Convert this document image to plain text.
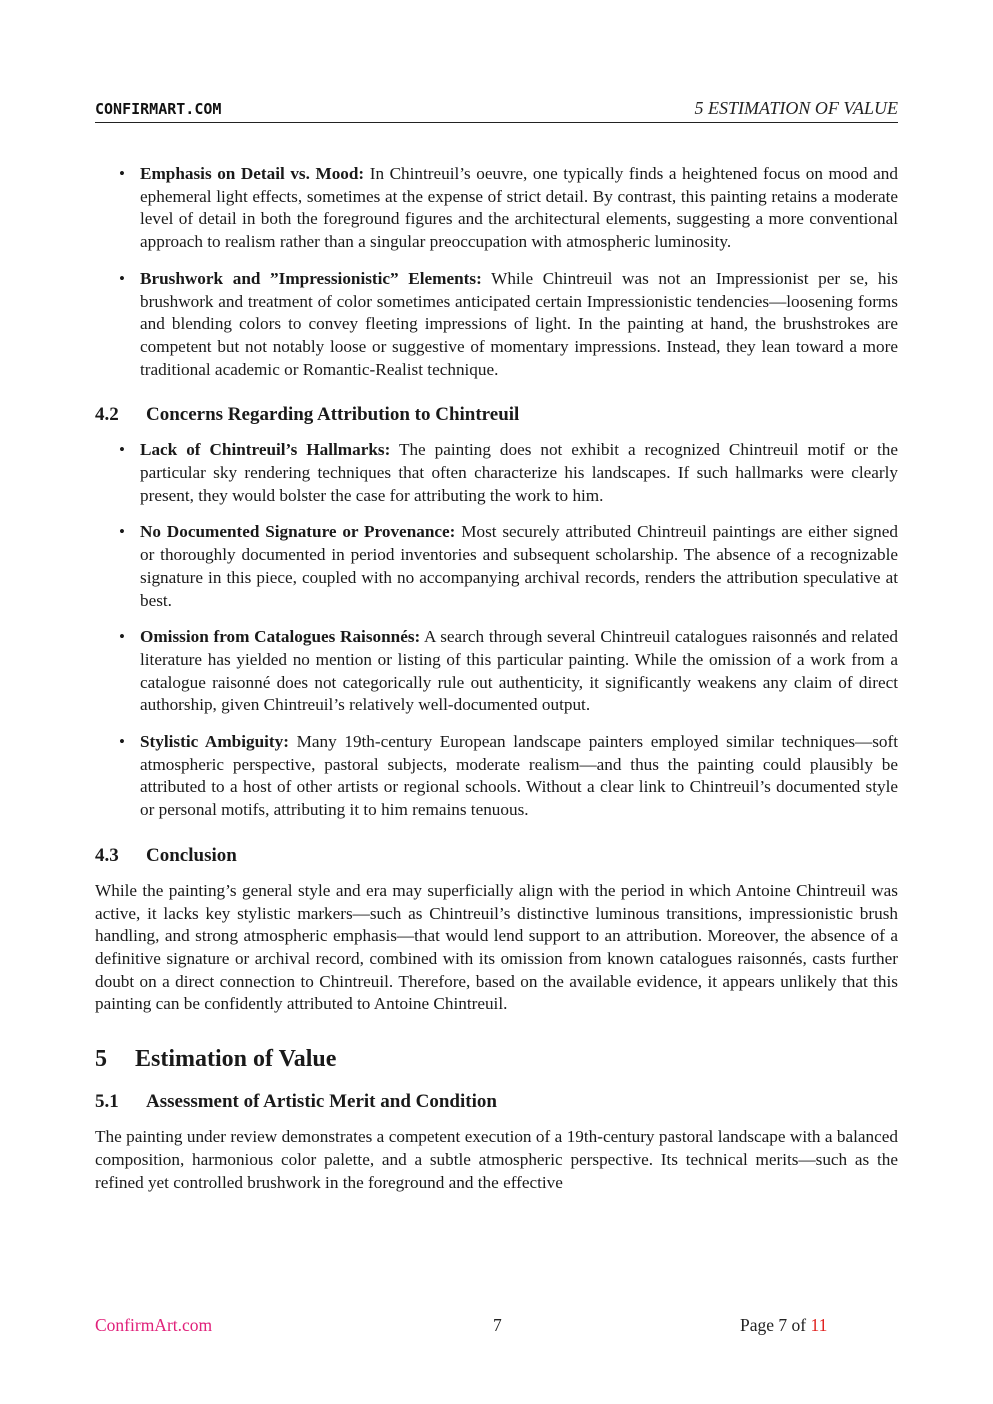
CONFIRMART.COM	5 ESTIMATION OF VALUE
• Emphasis on Detail vs. Mood: In Chintreuil’s oeuvre, one typically finds a heightened focus on mood and ephemeral light effects, sometimes at the expense of strict detail. By contrast, this painting retains a moderate level of detail in both the foreground figures and the architectural elements, suggesting a more conventional approach to realism rather than a singular preoccupation with atmospheric luminosity.
• Brushwork and ”Impressionistic” Elements: While Chintreuil was not an Impressionist per se, his brushwork and treatment of color sometimes anticipated certain Impressionistic tendencies—loosening forms and blending colors to convey fleeting impressions of light. In the painting at hand, the brushstrokes are competent but not notably loose or suggestive of momentary impressions. Instead, they lean toward a more traditional academic or Romantic-Realist technique.
4.2 Concerns Regarding Attribution to Chintreuil
• Lack of Chintreuil’s Hallmarks: The painting does not exhibit a recognized Chintreuil motif or the particular sky rendering techniques that often characterize his landscapes. If such hallmarks were clearly present, they would bolster the case for attributing the work to him.
• No Documented Signature or Provenance: Most securely attributed Chintreuil paintings are either signed or thoroughly documented in period inventories and subsequent scholarship. The absence of a recognizable signature in this piece, coupled with no accompanying archival records, renders the attribution speculative at best.
• Omission from Catalogues Raisonnés: A search through several Chintreuil catalogues raisonnés and related literature has yielded no mention or listing of this particular painting. While the omission of a work from a catalogue raisonné does not categorically rule out authenticity, it significantly weakens any claim of direct authorship, given Chintreuil’s relatively well-documented output.
• Stylistic Ambiguity: Many 19th-century European landscape painters employed similar techniques—soft atmospheric perspective, pastoral subjects, moderate realism—and thus the painting could plausibly be attributed to a host of other artists or regional schools. Without a clear link to Chintreuil’s documented style or personal motifs, attributing it to him remains tenuous.
4.3 Conclusion

While the painting’s general style and era may superficially align with the period in which Antoine Chintreuil was active, it lacks key stylistic markers—such as Chintreuil’s distinctive luminous transitions, impressionistic brush handling, and strong atmospheric emphasis—that would lend support to an attribution. Moreover, the absence of a definitive signature or archival record, combined with its omission from known catalogues raisonnés, casts further doubt on a direct connection to Chintreuil. Therefore, based on the available evidence, it appears unlikely that this painting can be confidently attributed to Antoine Chintreuil.

5 Estimation of Value
5.1 Assessment of Artistic Merit and Condition

The painting under review demonstrates a competent execution of a 19th-century pastoral landscape with a balanced composition, harmonious color palette, and a subtle atmospheric perspective. Its technical merits—such as the refined yet controlled brushwork in the foreground and the effective

ConfirmArt.com	7	Page 7 of 11
